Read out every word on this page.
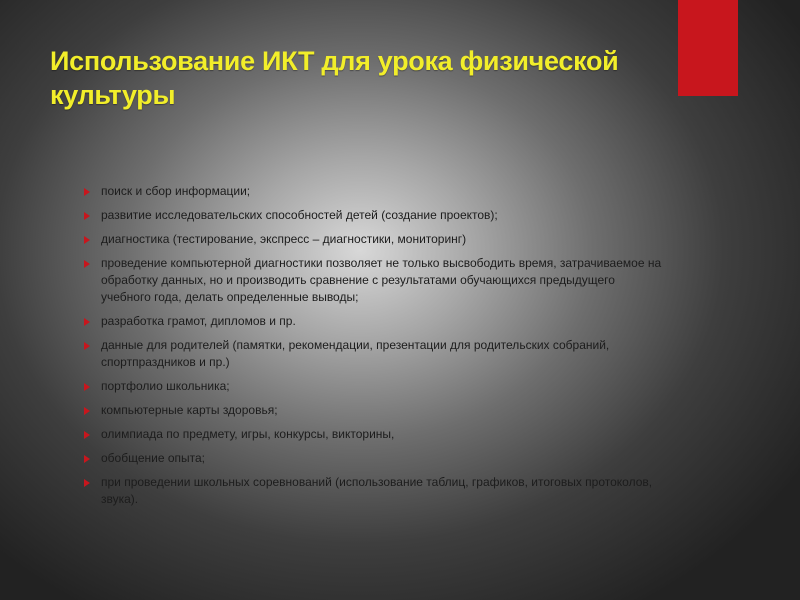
Использование ИКТ для урока физической культуры
поиск и сбор информации;
развитие исследовательских способностей детей (создание проектов);
диагностика (тестирование, экспресс – диагностики, мониторинг)
проведение компьютерной диагностики позволяет не только высвободить время, затрачиваемое на обработку данных, но и производить сравнение с результатами обучающихся предыдущего учебного года, делать определенные выводы;
разработка грамот, дипломов и пр.
данные для родителей (памятки, рекомендации, презентации для родительских собраний, спортпраздников и пр.)
портфолио школьника;
компьютерные карты здоровья;
олимпиада по предмету, игры, конкурсы, викторины,
обобщение опыта;
при проведении школьных соревнований (использование таблиц, графиков, итоговых протоколов, звука).
